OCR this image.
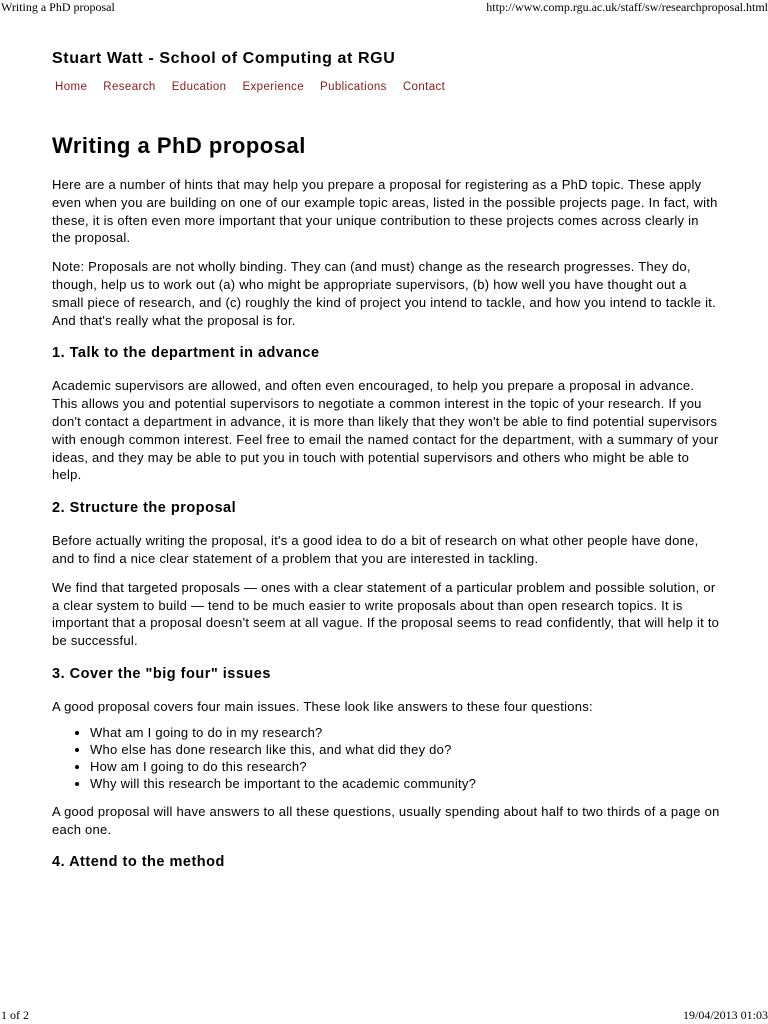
Writing a PhD proposal	http://www.comp.rgu.ac.uk/staff/sw/researchproposal.html
Stuart Watt - School of Computing at RGU
Home Research Education Experience Publications Contact
Writing a PhD proposal

Here are a number of hints that may help you prepare a proposal for registering as a PhD topic. These apply even when you are building on one of our example topic areas, listed in the possible projects page. In fact, with these, it is often even more important that your unique contribution to these projects comes across clearly in the proposal.

Note: Proposals are not wholly binding. They can (and must) change as the research progresses. They do, though, help us to work out (a) who might be appropriate supervisors, (b) how well you have thought out a small piece of research, and (c) roughly the kind of project you intend to tackle, and how you intend to tackle it. And that's really what the proposal is for.

1. Talk to the department in advance

Academic supervisors are allowed, and often even encouraged, to help you prepare a proposal in advance. This allows you and potential supervisors to negotiate a common interest in the topic of your research. If you don't contact a department in advance, it is more than likely that they won't be able to find potential supervisors with enough common interest. Feel free to email the named contact for the department, with a summary of your ideas, and they may be able to put you in touch with potential supervisors and others who might be able to help.

2. Structure the proposal

Before actually writing the proposal, it's a good idea to do a bit of research on what other people have done, and to find a nice clear statement of a problem that you are interested in tackling.

We find that targeted proposals — ones with a clear statement of a particular problem and possible solution, or a clear system to build — tend to be much easier to write proposals about than open research topics. It is important that a proposal doesn't seem at all vague. If the proposal seems to read confidently, that will help it to be successful.

3. Cover the "big four" issues

A good proposal covers four main issues. These look like answers to these four questions:

• What am I going to do in my research?
• Who else has done research like this, and what did they do?
• How am I going to do this research?
• Why will this research be important to the academic community?

A good proposal will have answers to all these questions, usually spending about half to two thirds of a page on each one.

4. Attend to the method
1 of 2	19/04/2013 01:03
